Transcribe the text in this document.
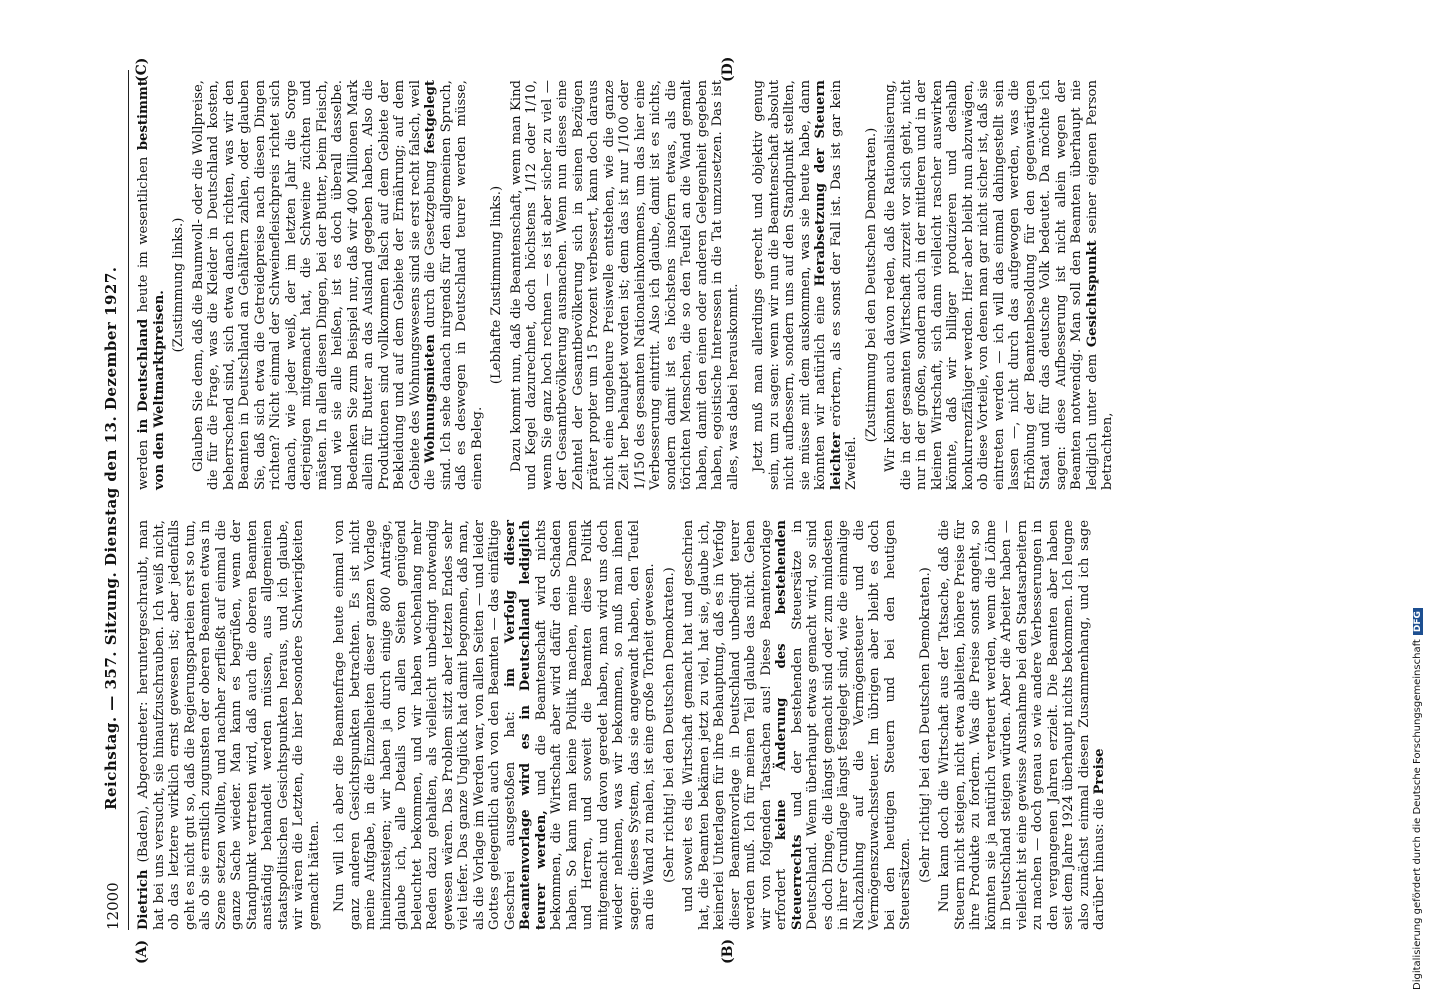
12000
Reichstag. — 357. Sitzung. Dienstag den 13. Dezember 1927.
(A)	(B)
(C)	(D)

Dietrich (Baden), Abgeordneter: heruntergeschraubt, man hat bei uns versucht, sie hinaufzuschrauben. Ich weiß nicht, ob das letztere wirklich ernst gewesen ist; aber jedenfalls geht es nicht gut so, daß die Regierungsparteien erst so tun, als ob sie ernstlich zugunsten der oberen Beamten etwas in Szene setzen wollten, und nachher zerfließt auf einmal die ganze Sache wieder. Man kann es begrüßen, wenn der Standpunkt vertreten wird, daß auch die oberen Beamten anständig behandelt werden müssen, aus allgemeinen staatspolitischen Gesichtspunkten heraus, und ich glaube, wir wären die Letzten, die hier besondere Schwierigkeiten gemacht hätten. Nun will ich aber die Beamtenfrage heute einmal von ganz anderen Gesichtspunkten betrachten. Es ist nicht meine Aufgabe, in die Einzelheiten dieser ganzen Vorlage hineinzusteigen; wir haben ja durch einige 800 Anträge, glaube ich, alle Details von allen Seiten genügend beleuchtet bekommen, und wir haben wochenlang mehr Reden dazu gehalten, als vielleicht unbedingt notwendig gewesen wären. Das Problem sitzt aber letzten Endes sehr viel tiefer. Das ganze Unglück hat damit begonnen, daß man, als die Vorlage im Werden war, von allen Seiten — und leider Gottes gelegentlich auch von den Beamten — das einfältige Geschrei ausgestoßen hat: im Verfolg dieser Beamtenvorlage wird es in Deutschland lediglich teurer werden, und die Beamtenschaft wird nichts bekommen, die Wirtschaft aber wird dafür den Schaden haben. So kann man keine Politik machen, meine Damen und Herren, und soweit die Beamten diese Politik mitgemacht und davon geredet haben, man wird uns doch wieder nehmen, was wir bekommen, so muß man ihnen sagen: dieses System, das sie angewandt haben, den Teufel an die Wand zu malen, ist eine große Torheit gewesen. (Sehr richtig! bei den Deutschen Demokraten.) und soweit es die Wirtschaft gemacht hat und geschrien hat, die Beamten bekämen jetzt zu viel, hat sie, glaube ich, keinerlei Unterlagen für ihre Behauptung, daß es in Verfolg dieser Beamtenvorlage in Deutschland unbedingt teurer werden muß. Ich für meinen Teil glaube das nicht. Gehen wir von folgenden Tatsachen aus! Diese Beamtenvorlage erfordert keine Änderung des bestehenden Steuerrechts und der bestehenden Steuersätze in Deutschland. Wenn überhaupt etwas gemacht wird, so sind es doch Dinge, die längst gemacht sind oder zum mindesten in ihrer Grundlage längst festgelegt sind, wie die einmalige Nachzahlung auf die Vermögensteuer und die Vermögenszuwachssteuer. Im übrigen aber bleibt es doch bei den heutigen Steuern und bei den heutigen Steuersätzen.

(Sehr richtig! bei den Deutschen Demokraten.) Nun kann doch die Wirtschaft aus der Tatsache, daß die Steuern nicht steigen, nicht etwa ableiten, höhere Preise für ihre Produkte zu fordern. Was die Preise sonst angeht, so könnten sie ja natürlich verteuert werden, wenn die Löhne in Deutschland steigen würden. Aber die Arbeiter haben — vielleicht ist eine gewisse Ausnahme bei den Staatsarbeitern zu machen — doch genau so wie andere Verbesserungen in den vergangenen Jahren erzielt. Die Beamten aber haben seit dem Jahre 1924 überhaupt nichts bekommen. Ich leugne also zunächst einmal diesen Zusammenhang, und ich sage darüber hinaus: die Preise

werden in Deutschland heute im wesentlichen bestimmt von den Weltmarktpreisen.

(Zustimmung links.) Glauben Sie denn, daß die Baumwoll- oder die Wollpreise, die für die Frage, was die Kleider in Deutschland kosten, beherrschend sind, sich etwa danach richten, was wir den Beamten in Deutschland an Gehältern zahlen, oder glauben Sie, daß sich etwa die Getreidepreise nach diesen Dingen richten? Nicht einmal der Schweinefleischpreis richtet sich danach, wie jeder weiß, der im letzten Jahr die Sorge derjenigen mitgemacht hat, die Schweine züchten und mästen. In allen diesen Dingen, bei der Butter, beim Fleisch, und wie sie alle heißen, ist es doch überall dasselbe. Bedenken Sie zum Beispiel nur, daß wir 400 Millionen Mark allein für Butter an das Ausland gegeben haben. Also die Produktionen sind vollkommen falsch auf dem Gebiete der Bekleidung und auf dem Gebiete der Ernährung; auf dem Gebiete des Wohnungswesens sind sie erst recht falsch, weil die Wohnungsmieten durch die Gesetzgebung festgelegt sind. Ich sehe danach nirgends für den allgemeinen Spruch, daß es deswegen in Deutschland teurer werden müsse, einen Beleg.

(Lebhafte Zustimmung links.) Dazu kommt nun, daß die Beamtenschaft, wenn man Kind und Kegel dazurechnet, doch höchstens 1/12 oder 1/10, wenn Sie ganz hoch rechnen — es ist aber sicher zu viel — der Gesamtbevölkerung ausmachen. Wenn nun dieses eine Zehntel der Gesamtbevölkerung sich in seinen Bezügen präter propter um 15 Prozent verbessert, kann doch daraus nicht eine ungeheure Preiswelle entstehen, wie die ganze Zeit her behauptet worden ist; denn das ist nur 1/100 oder 1/150 des gesamten Nationaleinkommens, um das hier eine Verbesserung eintritt. Also ich glaube, damit ist es nichts, sondern damit ist es höchstens insofern etwas, als die törichten Menschen, die so den Teufel an die Wand gemalt haben, damit den einen oder anderen Gelegenheit gegeben haben, egoistische Interessen in die Tat umzusetzen. Das ist alles, was dabei herauskommt. Jetzt muß man allerdings gerecht und objektiv genug sein, um zu sagen: wenn wir nun die Beamtenschaft absolut nicht aufbessern, sondern uns auf den Standpunkt stellten, sie müsse mit dem auskommen, was sie heute habe, dann könnten wir natürlich eine Herabsetzung der Steuern leichter erörtern, als es sonst der Fall ist. Das ist gar kein Zweifel.

(Zustimmung bei den Deutschen Demokraten.) Wir könnten auch davon reden, daß die Rationalisierung, die in der gesamten Wirtschaft zurzeit vor sich geht, nicht nur in der großen, sondern auch in der mittleren und in der kleinen Wirtschaft, sich dann vielleicht rascher auswirken könnte, daß wir billiger produzieren und deshalb konkurrenzfähiger werden. Hier aber bleibt nun abzuwägen, ob diese Vorteile, von denen man gar nicht sicher ist, daß sie eintreten werden — ich will das einmal dahingestellt sein lassen —, nicht durch das aufgewogen werden, was die Erhöhung der Beamtenbesoldung für den gegenwärtigen Staat und für das deutsche Volk bedeutet. Da möchte ich sagen: diese Aufbesserung ist nicht allein wegen der Beamten notwendig. Man soll den Beamten überhaupt nie lediglich unter dem Gesichtspunkt seiner eigenen Person betrachten,

Digitalisierung gefördert durch die Deutsche ForschungsgemeinschaftDFG
